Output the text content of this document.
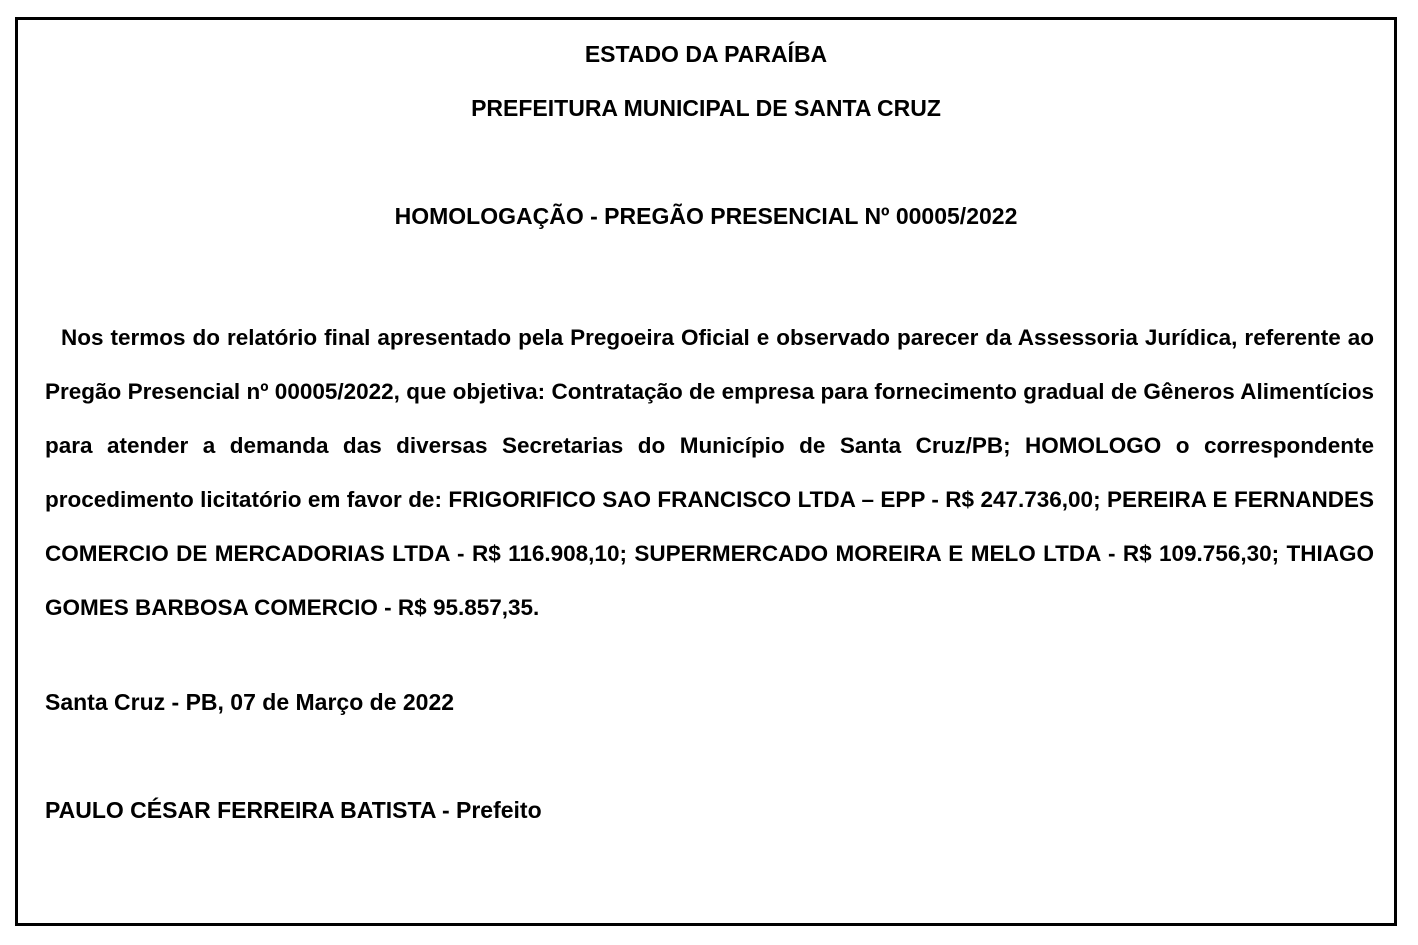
ESTADO DA PARAÍBA
PREFEITURA MUNICIPAL DE SANTA CRUZ
HOMOLOGAÇÃO - PREGÃO PRESENCIAL Nº 00005/2022
Nos termos do relatório final apresentado pela Pregoeira Oficial e observado parecer da Assessoria Jurídica, referente ao Pregão Presencial nº 00005/2022, que objetiva: Contratação de empresa para fornecimento gradual de Gêneros Alimentícios para atender a demanda das diversas Secretarias do Município de Santa Cruz/PB; HOMOLOGO o correspondente procedimento licitatório em favor de: FRIGORIFICO SAO FRANCISCO LTDA – EPP - R$ 247.736,00; PEREIRA E FERNANDES COMERCIO DE MERCADORIAS LTDA - R$ 116.908,10; SUPERMERCADO MOREIRA E MELO LTDA - R$ 109.756,30; THIAGO GOMES BARBOSA COMERCIO - R$ 95.857,35.
Santa Cruz - PB, 07 de Março de 2022
PAULO CÉSAR FERREIRA BATISTA - Prefeito
